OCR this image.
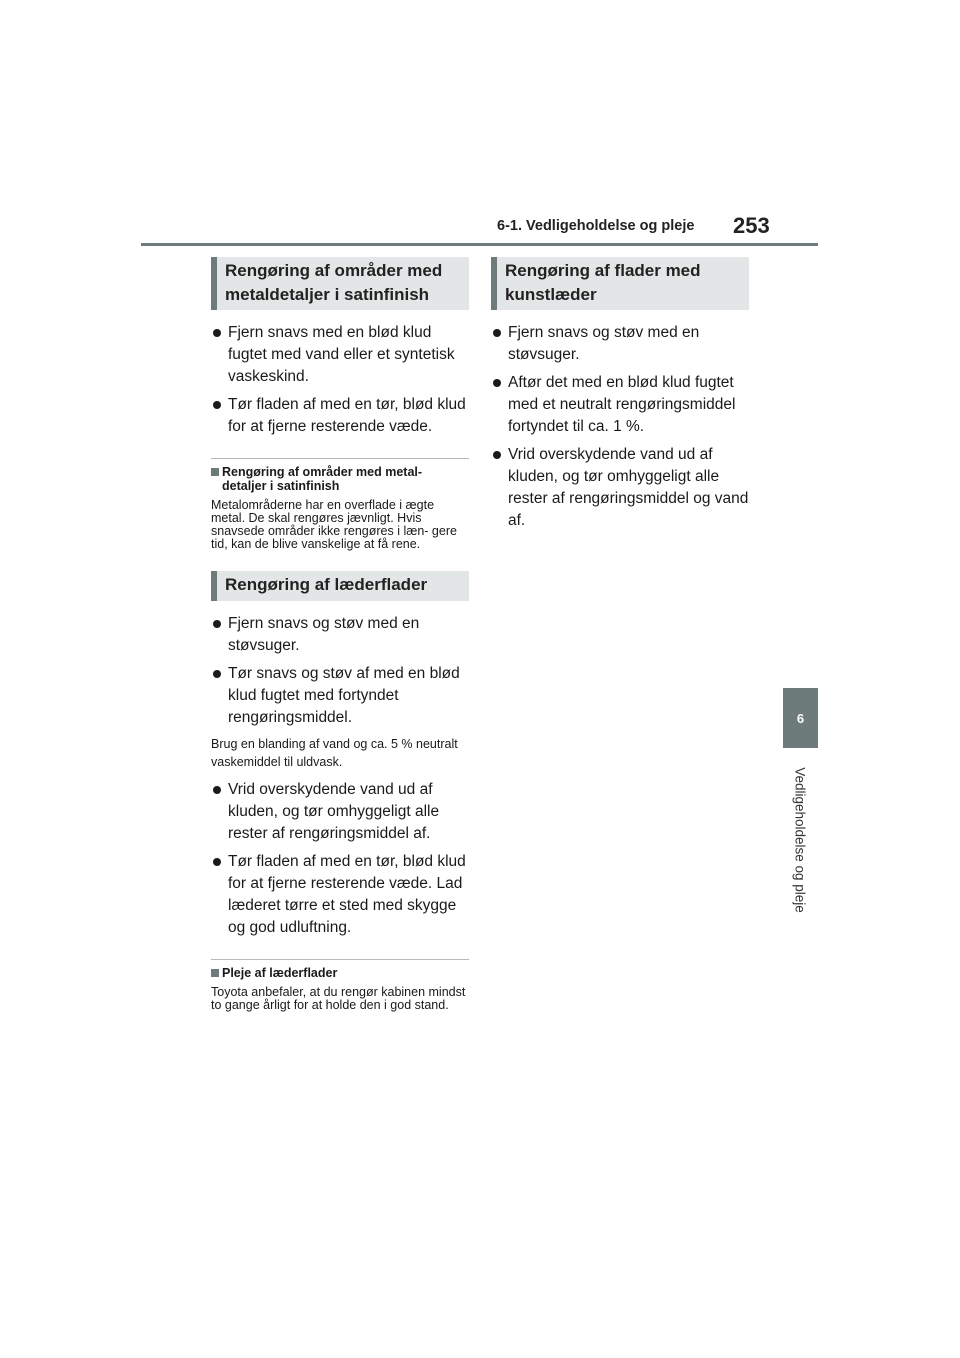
6-1. Vedligeholdelse og pleje 253
6
Vedligeholdelse og pleje
Rengøring af områder med
metaldetaljer i satinfinish
Fjern snavs med en blød klud fugtet med vand eller et syntetisk vaskeskind.
Tør fladen af med en tør, blød klud for at fjerne resterende væde.
Rengøring af områder med metal- detaljer i satinfinish

Metalområderne har en overflade i ægte metal. De skal rengøres jævnligt. Hvis snavsede områder ikke rengøres i læn- gere tid, kan de blive vanskelige at få rene.

Rengøring af læderflader
Fjern snavs og støv med en støvsuger.
Tør snavs og støv af med en blød klud fugtet med fortyndet rengøringsmiddel.

Brug en blanding af vand og ca. 5 % neutralt vaskemiddel til uldvask.

Vrid overskydende vand ud af kluden, og tør omhyggeligt alle rester af rengøringsmiddel af.
Tør fladen af med en tør, blød klud for at fjerne resterende væde. Lad læderet tørre et sted med skygge og god udluftning.
Pleje af læderflader

Toyota anbefaler, at du rengør kabinen mindst to gange årligt for at holde den i god stand.

Rengøring af flader med
kunstlæder
Fjern snavs og støv med en støvsuger.
Aftør det med en blød klud fugtet med et neutralt rengøringsmiddel fortyndet til ca. 1 %.
Vrid overskydende vand ud af kluden, og tør omhyggeligt alle rester af rengøringsmiddel og vand af.
